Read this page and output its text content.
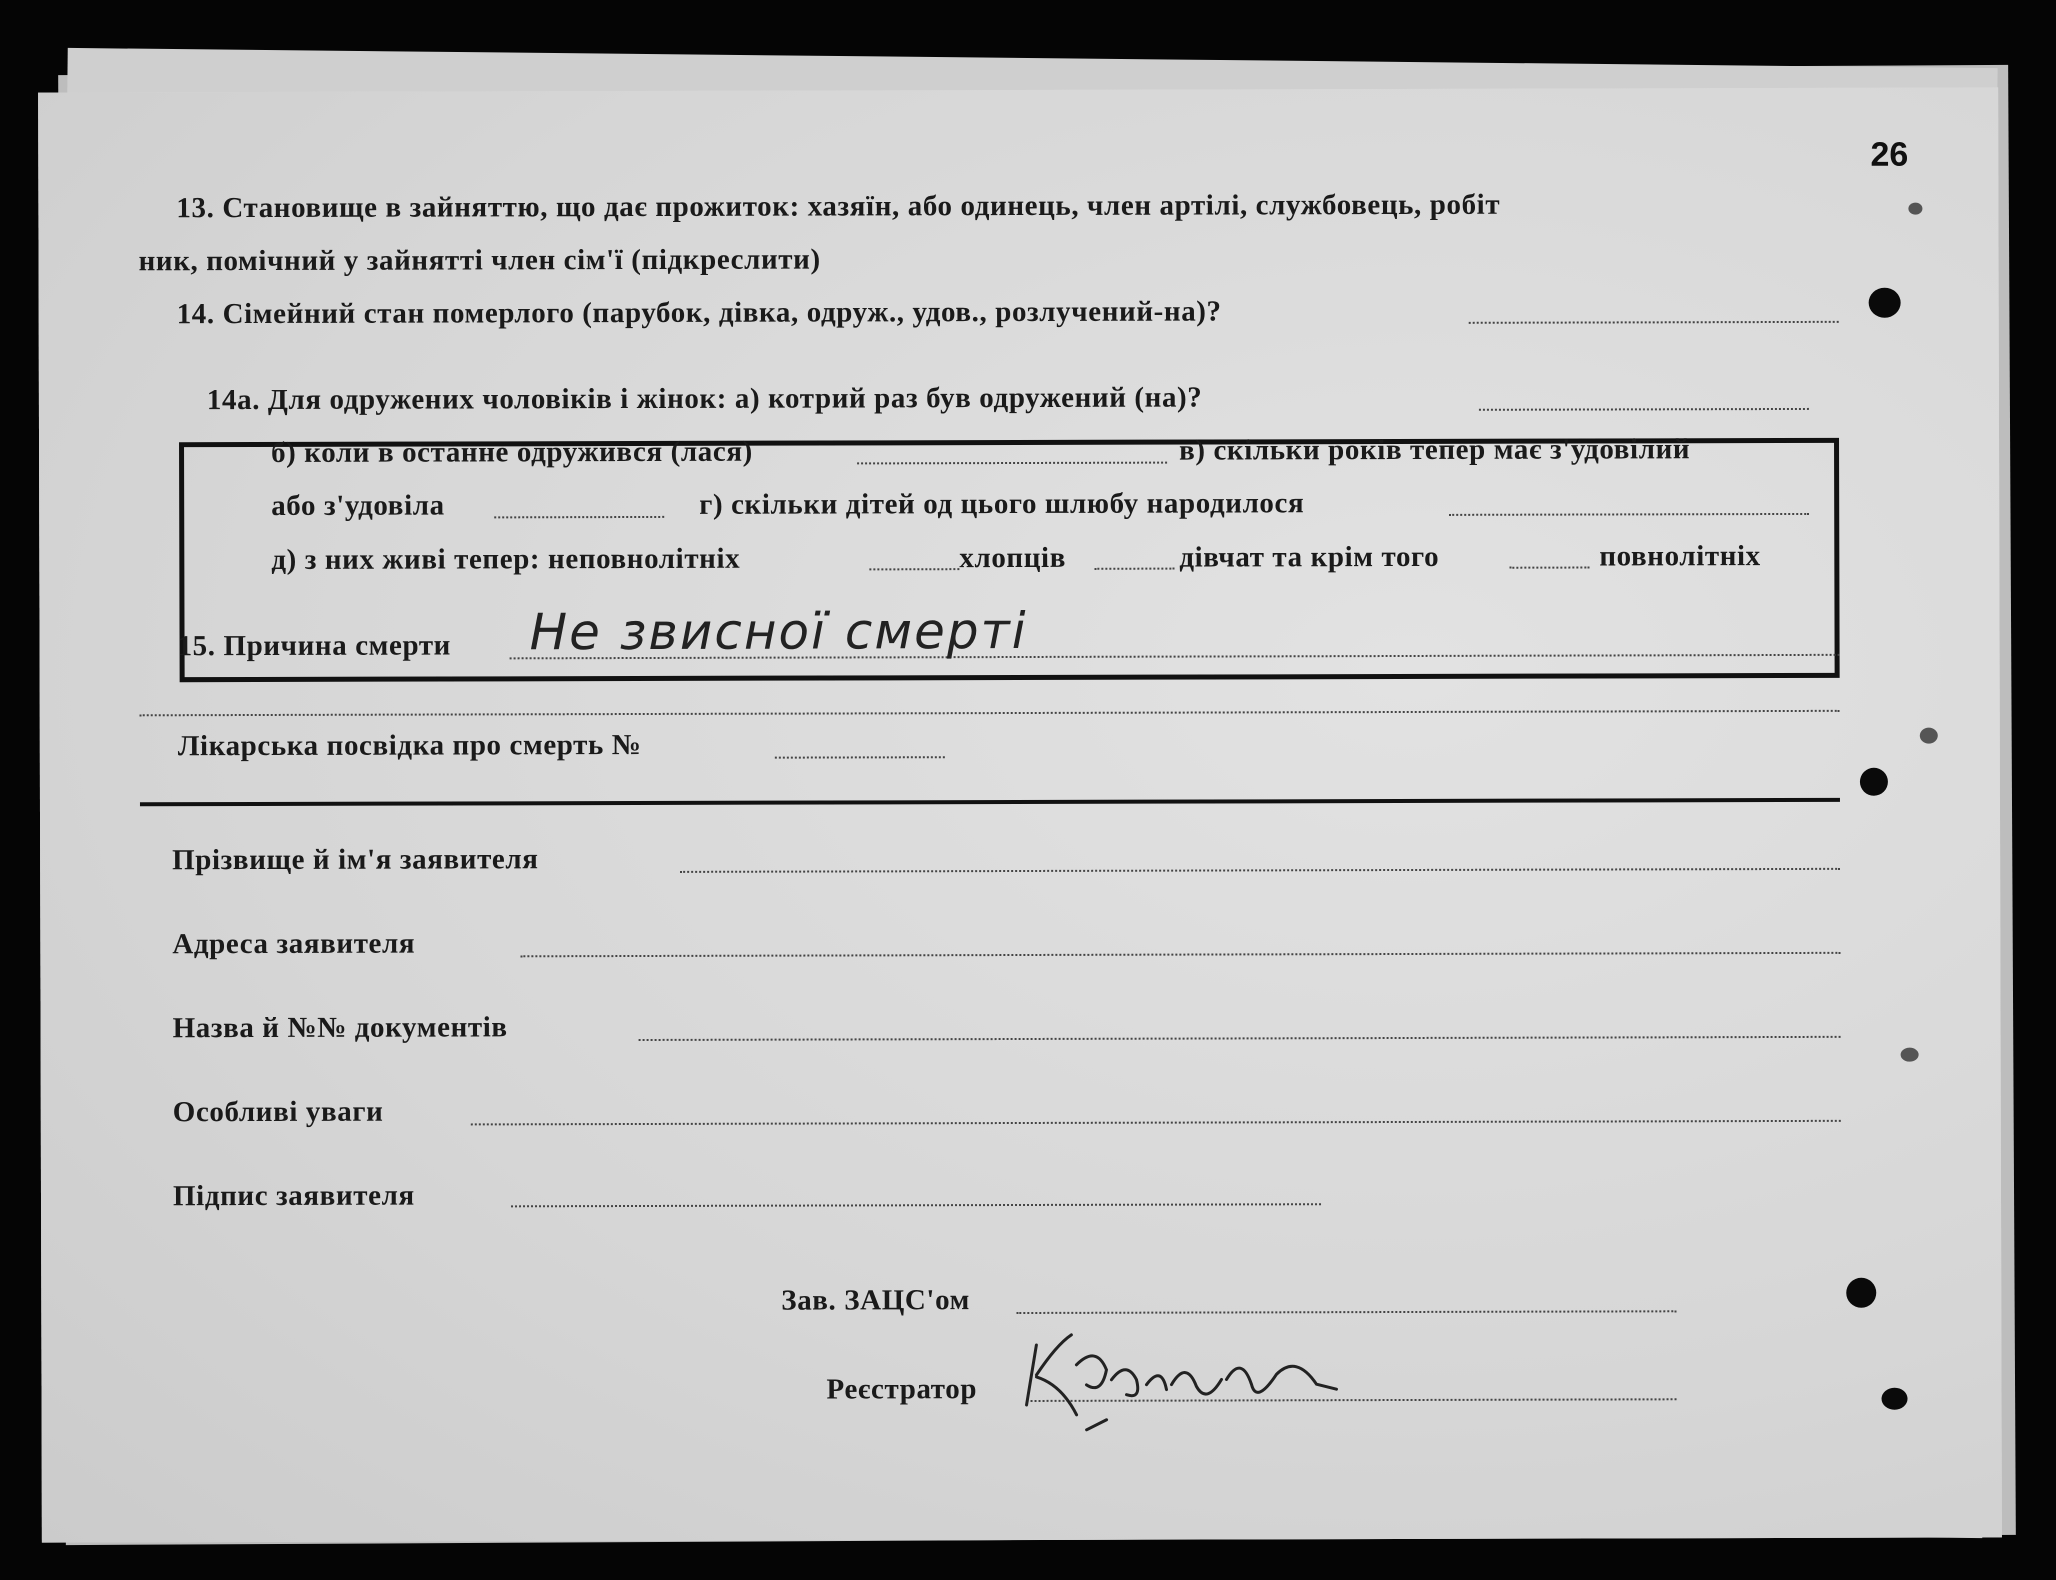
26
13. Становище в зайняттю, що дає прожиток: хазяїн, або одинець, член артілі, службовець, робіт
ник, помічний у зайнятті член сім'ї (підкреслити)
14. Сімейний стан померлого (парубок, дівка, одруж., удов., розлучений-на)?
14а. Для одружених чоловіків і жінок: а) котрий раз був одружений (на)?
б) коли в останне одружився (лася)	в) скільки років тепер має з'удовілий
або з'удовіла	г) скільки дітей од цього шлюбу народилося
д) з них живі тепер: неповнолітніх	хлопців	дівчат та крім того	повнолітніх
15. Причина смерти Не звисної смерті
Лікарська посвідка про смерть №
Прізвище й ім'я заявителя
Адреса заявителя
Назва й №№ документів
Особливі уваги
Підпис заявителя
Зав. ЗАЦС'ом
Реєстратор
